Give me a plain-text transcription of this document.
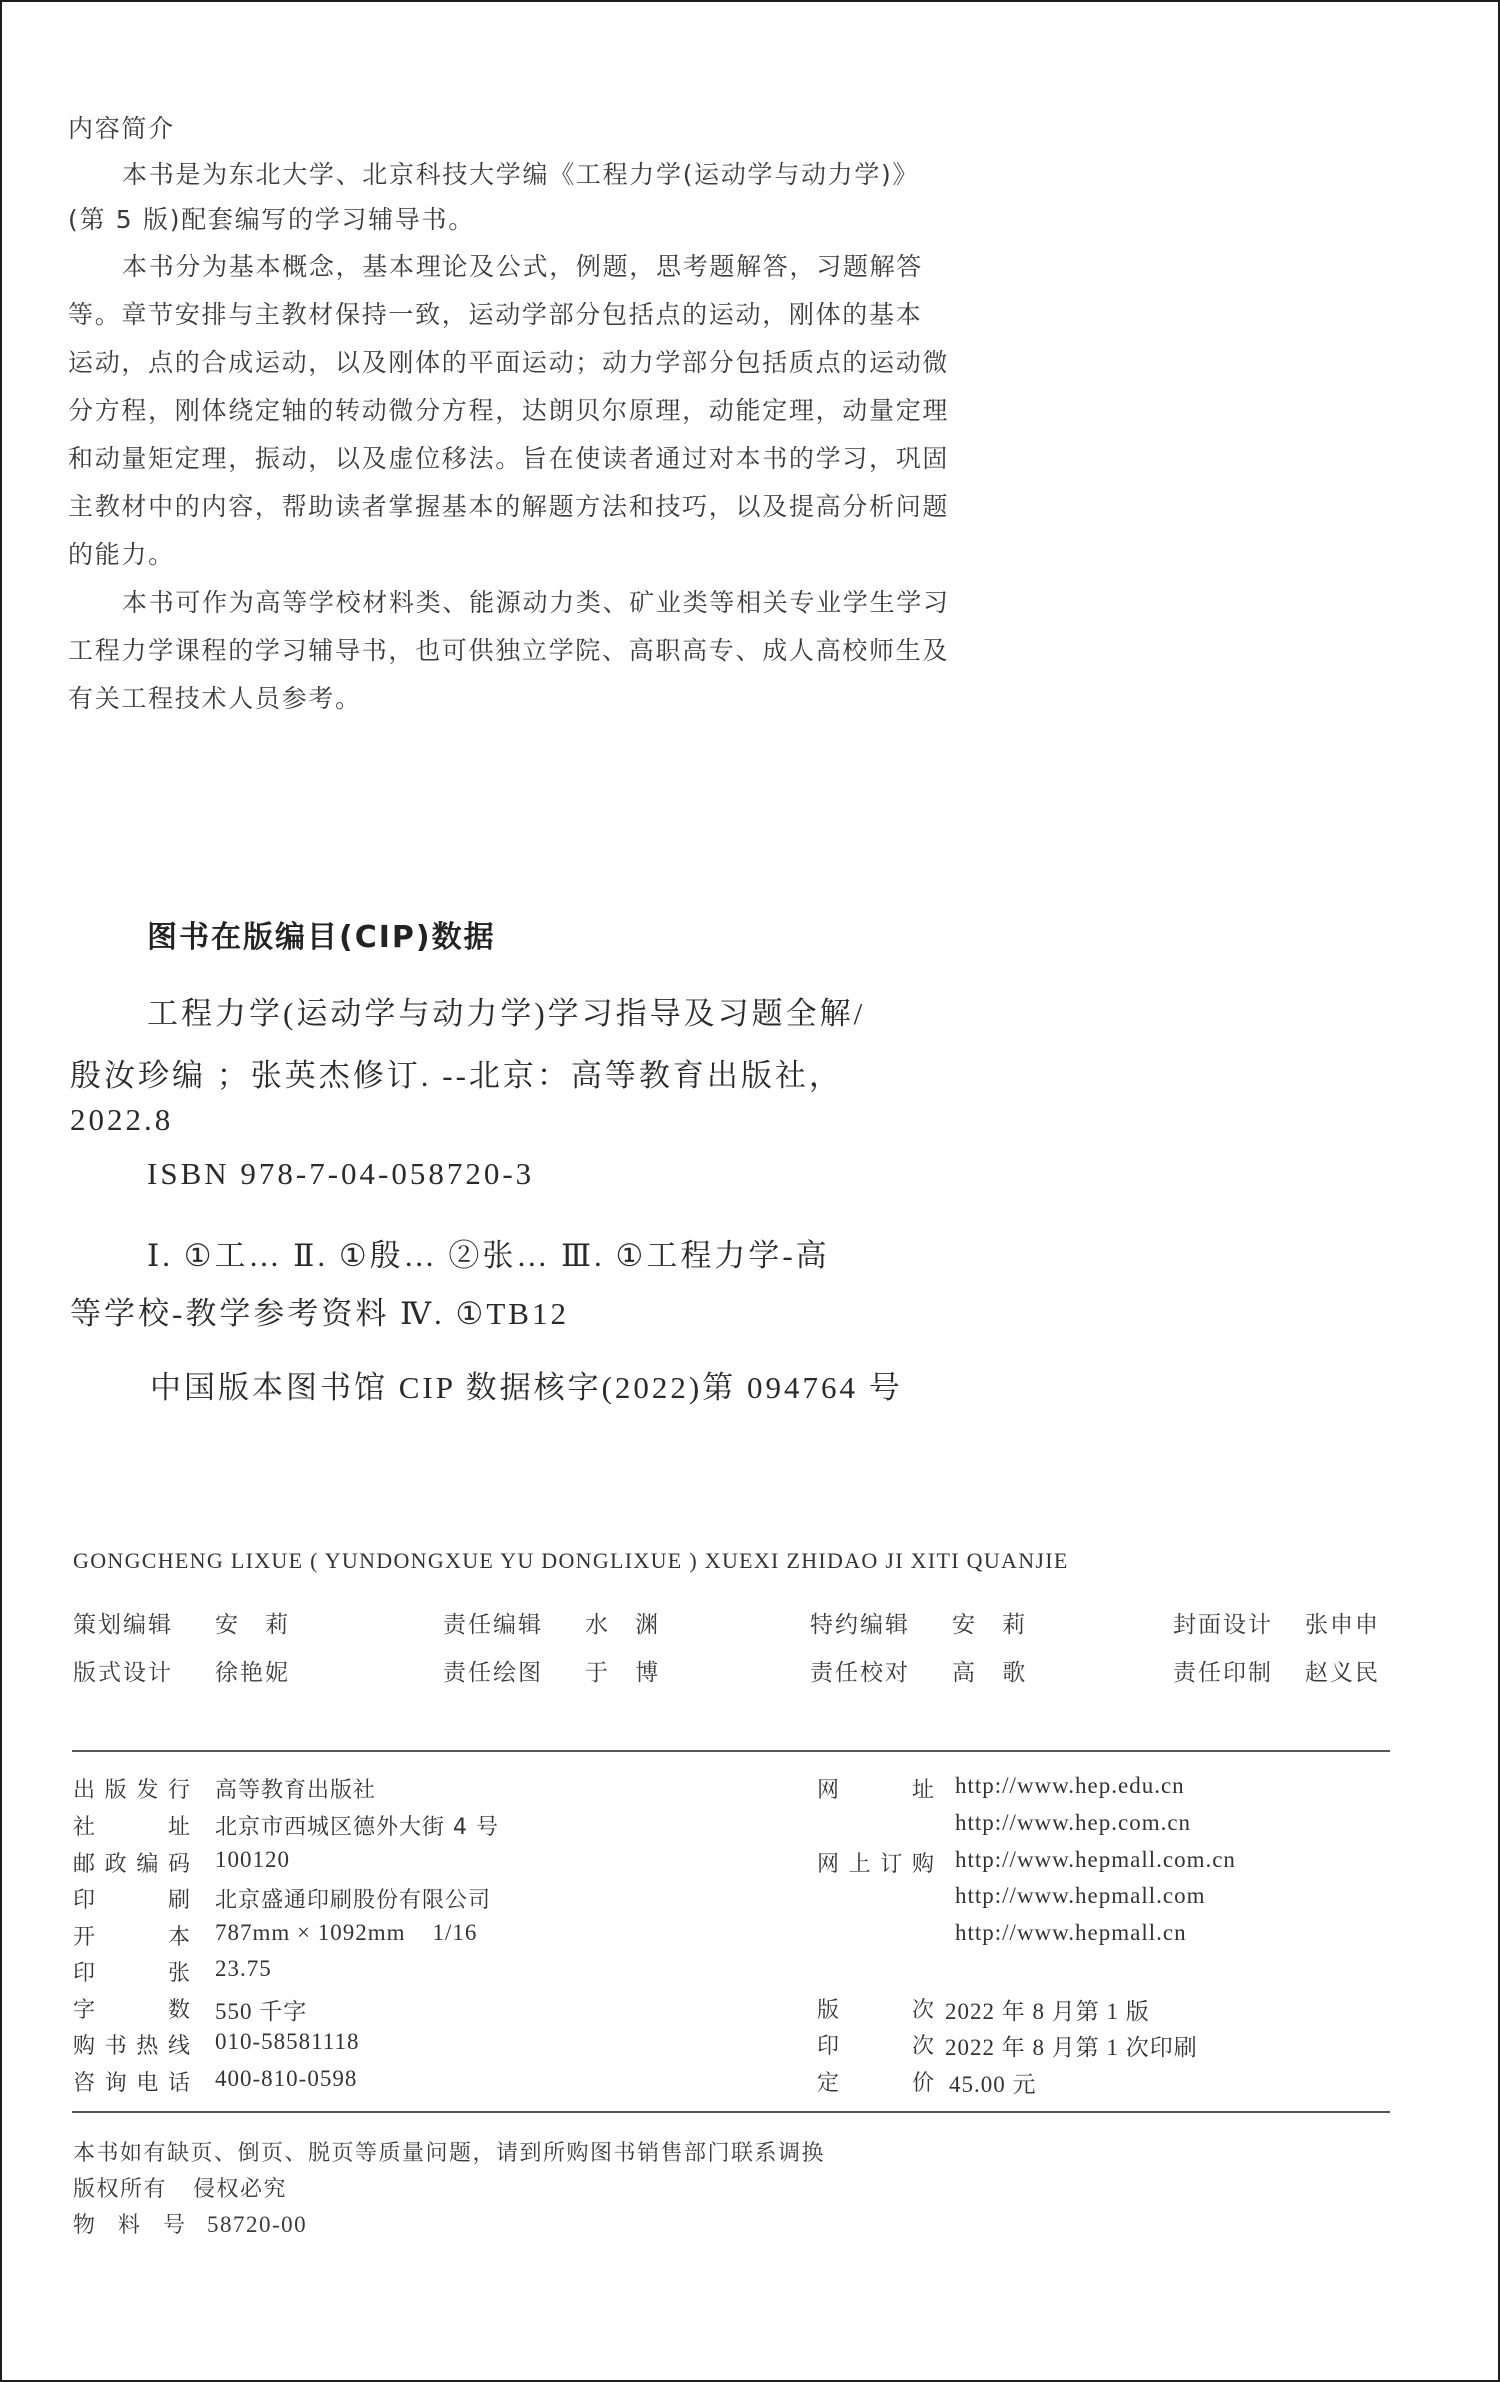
内容简介
本书是为东北大学、北京科技大学编《工程力学(运动学与动力学)》
(第 5 版)配套编写的学习辅导书。
本书分为基本概念，基本理论及公式，例题，思考题解答，习题解答
等。章节安排与主教材保持一致，运动学部分包括点的运动，刚体的基本
运动，点的合成运动，以及刚体的平面运动；动力学部分包括质点的运动微
分方程，刚体绕定轴的转动微分方程，达朗贝尔原理，动能定理，动量定理
和动量矩定理，振动，以及虚位移法。旨在使读者通过对本书的学习，巩固
主教材中的内容，帮助读者掌握基本的解题方法和技巧，以及提高分析问题
的能力。
本书可作为高等学校材料类、能源动力类、矿业类等相关专业学生学习
工程力学课程的学习辅导书，也可供独立学院、高职高专、成人高校师生及
有关工程技术人员参考。
图书在版编目(CIP)数据
工程力学(运动学与动力学)学习指导及习题全解/
殷汝珍编 ；张英杰修订. --北京：高等教育出版社，
2022.8
ISBN 978-7-04-058720-3
Ⅰ. ①工… Ⅱ. ①殷… ②张… Ⅲ. ①工程力学-高
等学校-教学参考资料 Ⅳ. ①TB12
中国版本图书馆 CIP 数据核字(2022)第 094764 号
GONGCHENG LIXUE ( YUNDONGXUE YU DONGLIXUE ) XUEXI ZHIDAO JI XITI QUANJIE
策划编辑 安 莉	责任编辑 水 渊	特约编辑 安 莉	封面设计 张申申
版式设计 徐艳妮	责任绘图 于 博	责任校对 高 歌	责任印制 赵义民
出版发行 高等教育出版社
社址 北京市西城区德外大街 4 号
邮政编码 100120
印刷 北京盛通印刷股份有限公司
开本 787mm × 1092mm    1/16
印张 23.75
字数 550 千字
购书热线 010-58581118
咨询电话 400-810-0598
网址 http://www.hep.edu.cn
http://www.hep.com.cn
网上订购 http://www.hepmall.com.cn
http://www.hepmall.com
http://www.hepmall.cn
版次 2022 年 8 月第 1 版
印次 2022 年 8 月第 1 次印刷
定价 45.00 元
本书如有缺页、倒页、脱页等质量问题，请到所购图书销售部门联系调换
版权所有 侵权必究
物 料 号 58720-00
